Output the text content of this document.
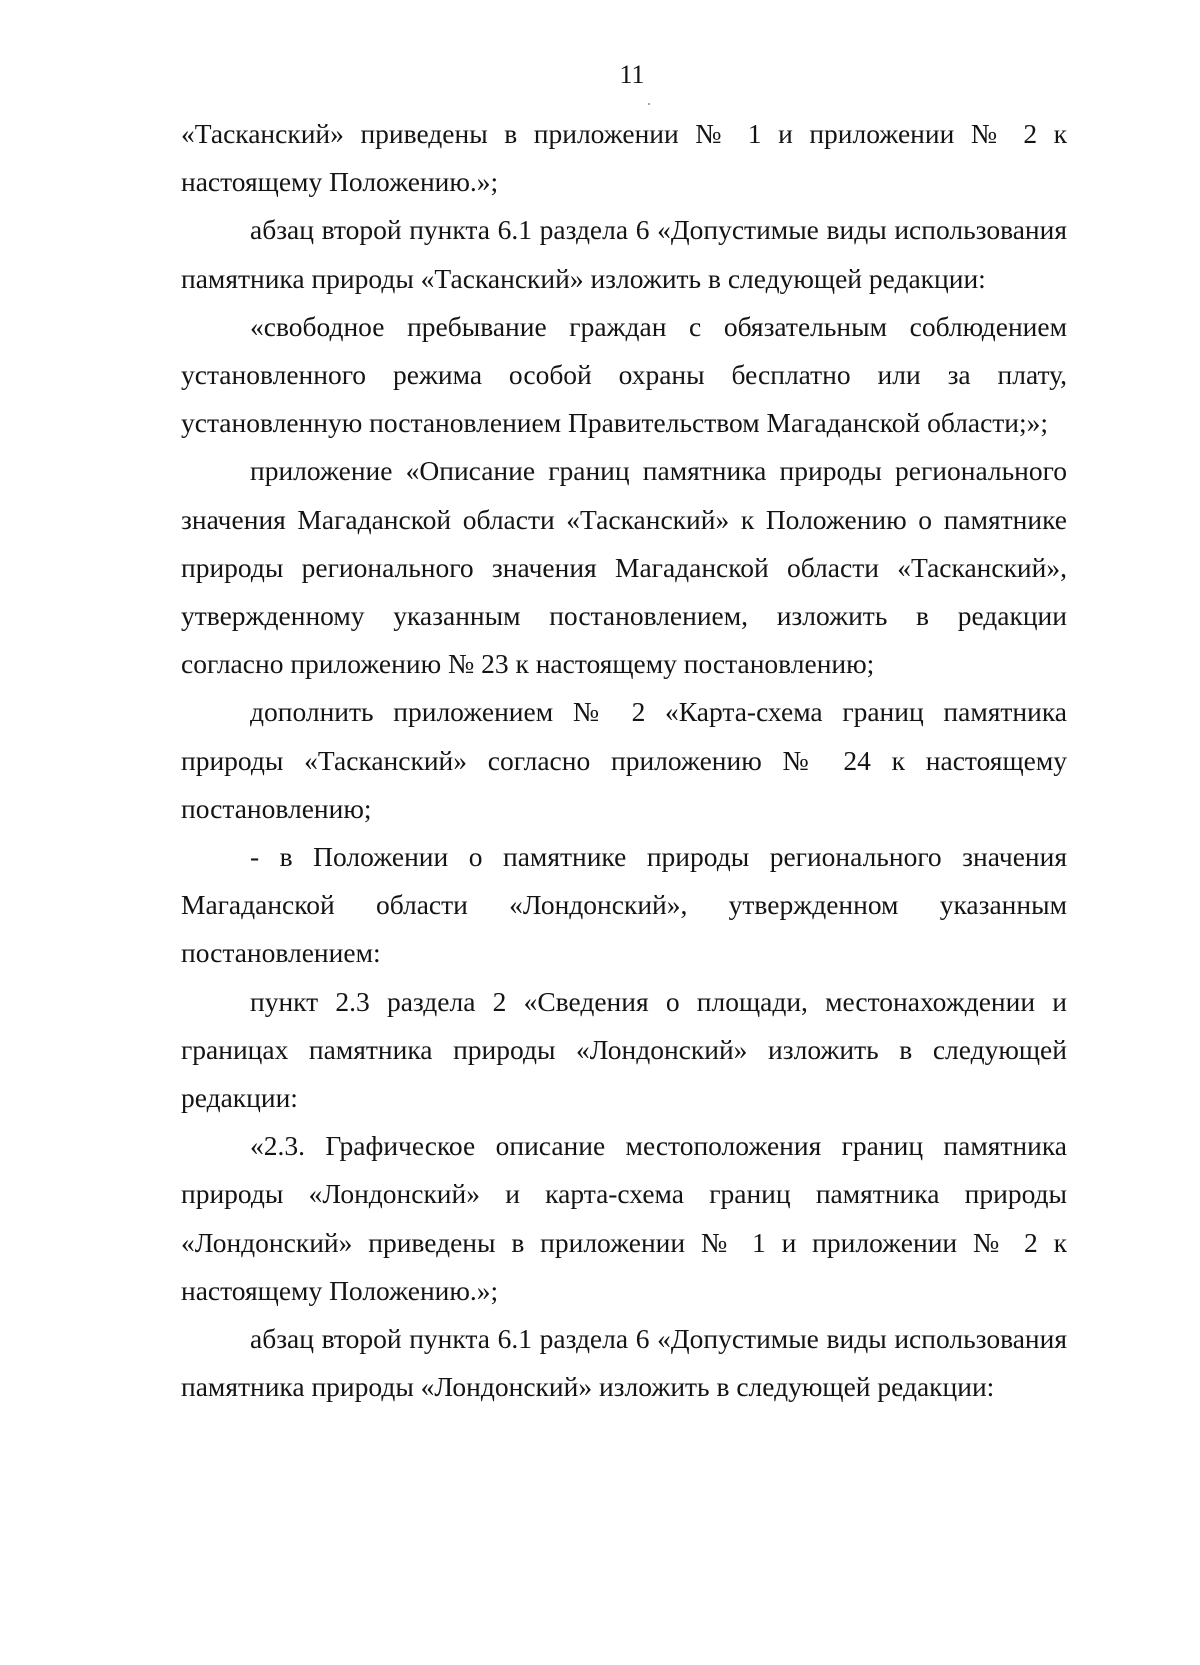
11

«Тасканский» приведены в приложении № 1 и приложении № 2 к настоящему Положению.»;

абзац второй пункта 6.1 раздела 6 «Допустимые виды использования памятника природы «Тасканский» изложить в следующей редакции:

«свободное пребывание граждан с обязательным соблюдением установленного режима особой охраны бесплатно или за плату, установленную постановлением Правительством Магаданской области;»;

приложение «Описание границ памятника природы регионального значения Магаданской области «Тасканский» к Положению о памятнике природы регионального значения Магаданской области «Тасканский», утвержденному указанным постановлением, изложить в редакции согласно приложению № 23 к настоящему постановлению;

дополнить приложением № 2 «Карта-схема границ памятника природы «Тасканский» согласно приложению № 24 к настоящему постановлению;

- в Положении о памятнике природы регионального значения Магаданской области «Лондонский», утвержденном указанным постановлением:

пункт 2.3 раздела 2 «Сведения о площади, местонахождении и границах памятника природы «Лондонский» изложить в следующей редакции:

«2.3. Графическое описание местоположения границ памятника природы «Лондонский» и карта-схема границ памятника природы «Лондонский» приведены в приложении № 1 и приложении № 2 к настоящему Положению.»;

абзац второй пункта 6.1 раздела 6 «Допустимые виды использования памятника природы «Лондонский» изложить в следующей редакции:
